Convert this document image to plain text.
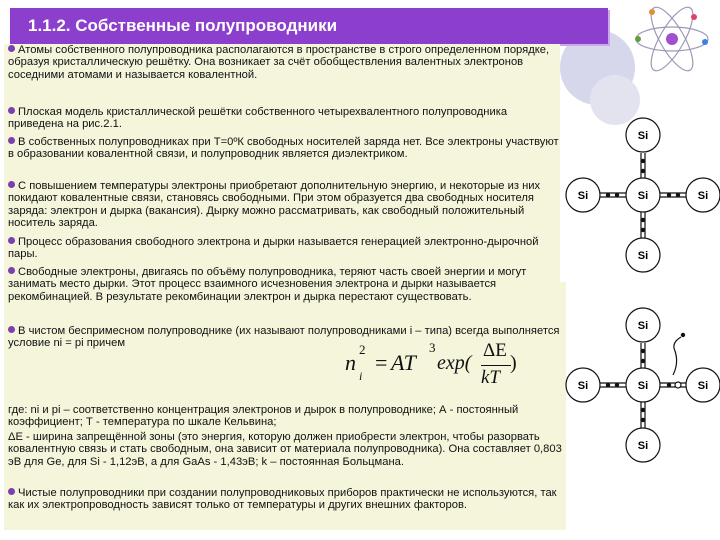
1.1.2. Собственные полупроводники
Атомы собственного полупроводника располагаются в пространстве в строго определенном порядке, образуя кристаллическую решётку. Она возникает за счёт обобществления валентных электронов соседними атомами и называется ковалентной.
Плоская модель кристаллической решётки собственного четырехвалентного полупроводника приведена на рис.2.1.
В собственных полупроводниках при Т=0ºК свободных носителей заряда нет. Все электроны участвуют в образовании ковалентной связи, и полупроводник является диэлектриком.
С повышением температуры электроны приобретают дополнительную энергию, и некоторые из них покидают ковалентные связи, становясь свободными. При этом образуется два свободных носителя заряда: электрон и дырка (вакансия). Дырку можно рассматривать, как свободный положительный носитель заряда.
Процесс образования свободного электрона и дырки называется генерацией электронно-дырочной пары.
Свободные электроны, двигаясь по объёму полупроводника, теряют часть своей энергии и могут занимать место дырки. Этот процесс взаимного исчезновения электрона и дырки называется рекомбинацией. В результате рекомбинации электрон и дырка перестают существовать.
В чистом беспримесном полупроводнике (их называют полупроводниками i – типа) всегда выполняется условие ni = pi причем
n
2
i
= AT
3
exp(
ΔE
kT
)
где: ni и pi – соответственно концентрация электронов и дырок в полупроводнике; А - постоянный коэффициент; Т - температура по шкале Кельвина;
ΔЕ - ширина запрещённой зоны (это энергия, которую должен приобрести электрон, чтобы разорвать ковалентную связь и стать свободным, она зависит от материала полупроводника). Она составляет 0,803 эВ для Gе, для Si - 1,12эВ, а для GаАs - 1,43эВ; k – постоянная Больцмана.
Чистые полупроводники при создании полупроводниковых приборов практически не используются, так как их электропроводность зависят только от температуры и других внешних факторов.
Si
Si	Si	Si
Si
Si
Si	Si	Si
Si
